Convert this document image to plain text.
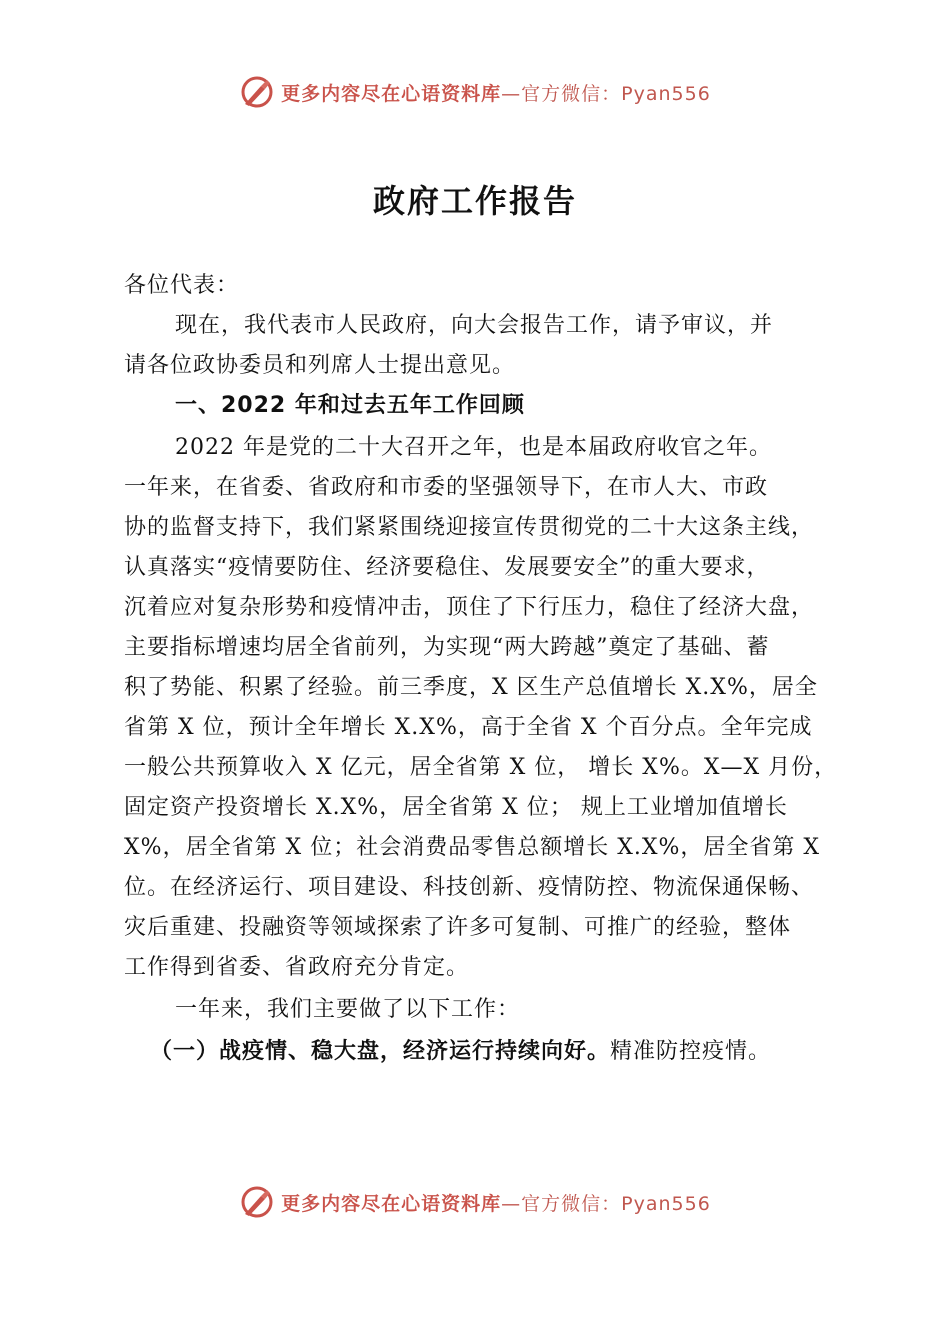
更多内容尽在心语资料库 —官方微信：Pyan556
政府工作报告
各位代表：
现在，我代表市人民政府，向大会报告工作，请予审议，并
请各位政协委员和列席人士提出意见。
一、2022 年和过去五年工作回顾
2022 年是党的二十大召开之年，也是本届政府收官之年。
一年来，在省委、省政府和市委的坚强领导下，在市人大、市政
协的监督支持下，我们紧紧围绕迎接宣传贯彻党的二十大这条主线，
认真落实“疫情要防住、经济要稳住、发展要安全”的重大要求，
沉着应对复杂形势和疫情冲击，顶住了下行压力，稳住了经济大盘，
主要指标增速均居全省前列，为实现“两大跨越”奠定了基础、蓄
积了势能、积累了经验。前三季度，X 区生产总值增长 X.X%，居全
省第 X 位，预计全年增长 X.X%，高于全省 X 个百分点。全年完成
一般公共预算收入 X 亿元，居全省第 X 位， 增长 X%。X—X 月份，
固定资产投资增长 X.X%，居全省第 X 位； 规上工业增加值增长
X%，居全省第 X 位；社会消费品零售总额增长 X.X%，居全省第 X
位。在经济运行、项目建设、科技创新、疫情防控、物流保通保畅、
灾后重建、投融资等领域探索了许多可复制、可推广的经验，整体
工作得到省委、省政府充分肯定。
一年来，我们主要做了以下工作：
（一）战疫情、稳大盘，经济运行持续向好。精准防控疫情。
更多内容尽在心语资料库 —官方微信：Pyan556
